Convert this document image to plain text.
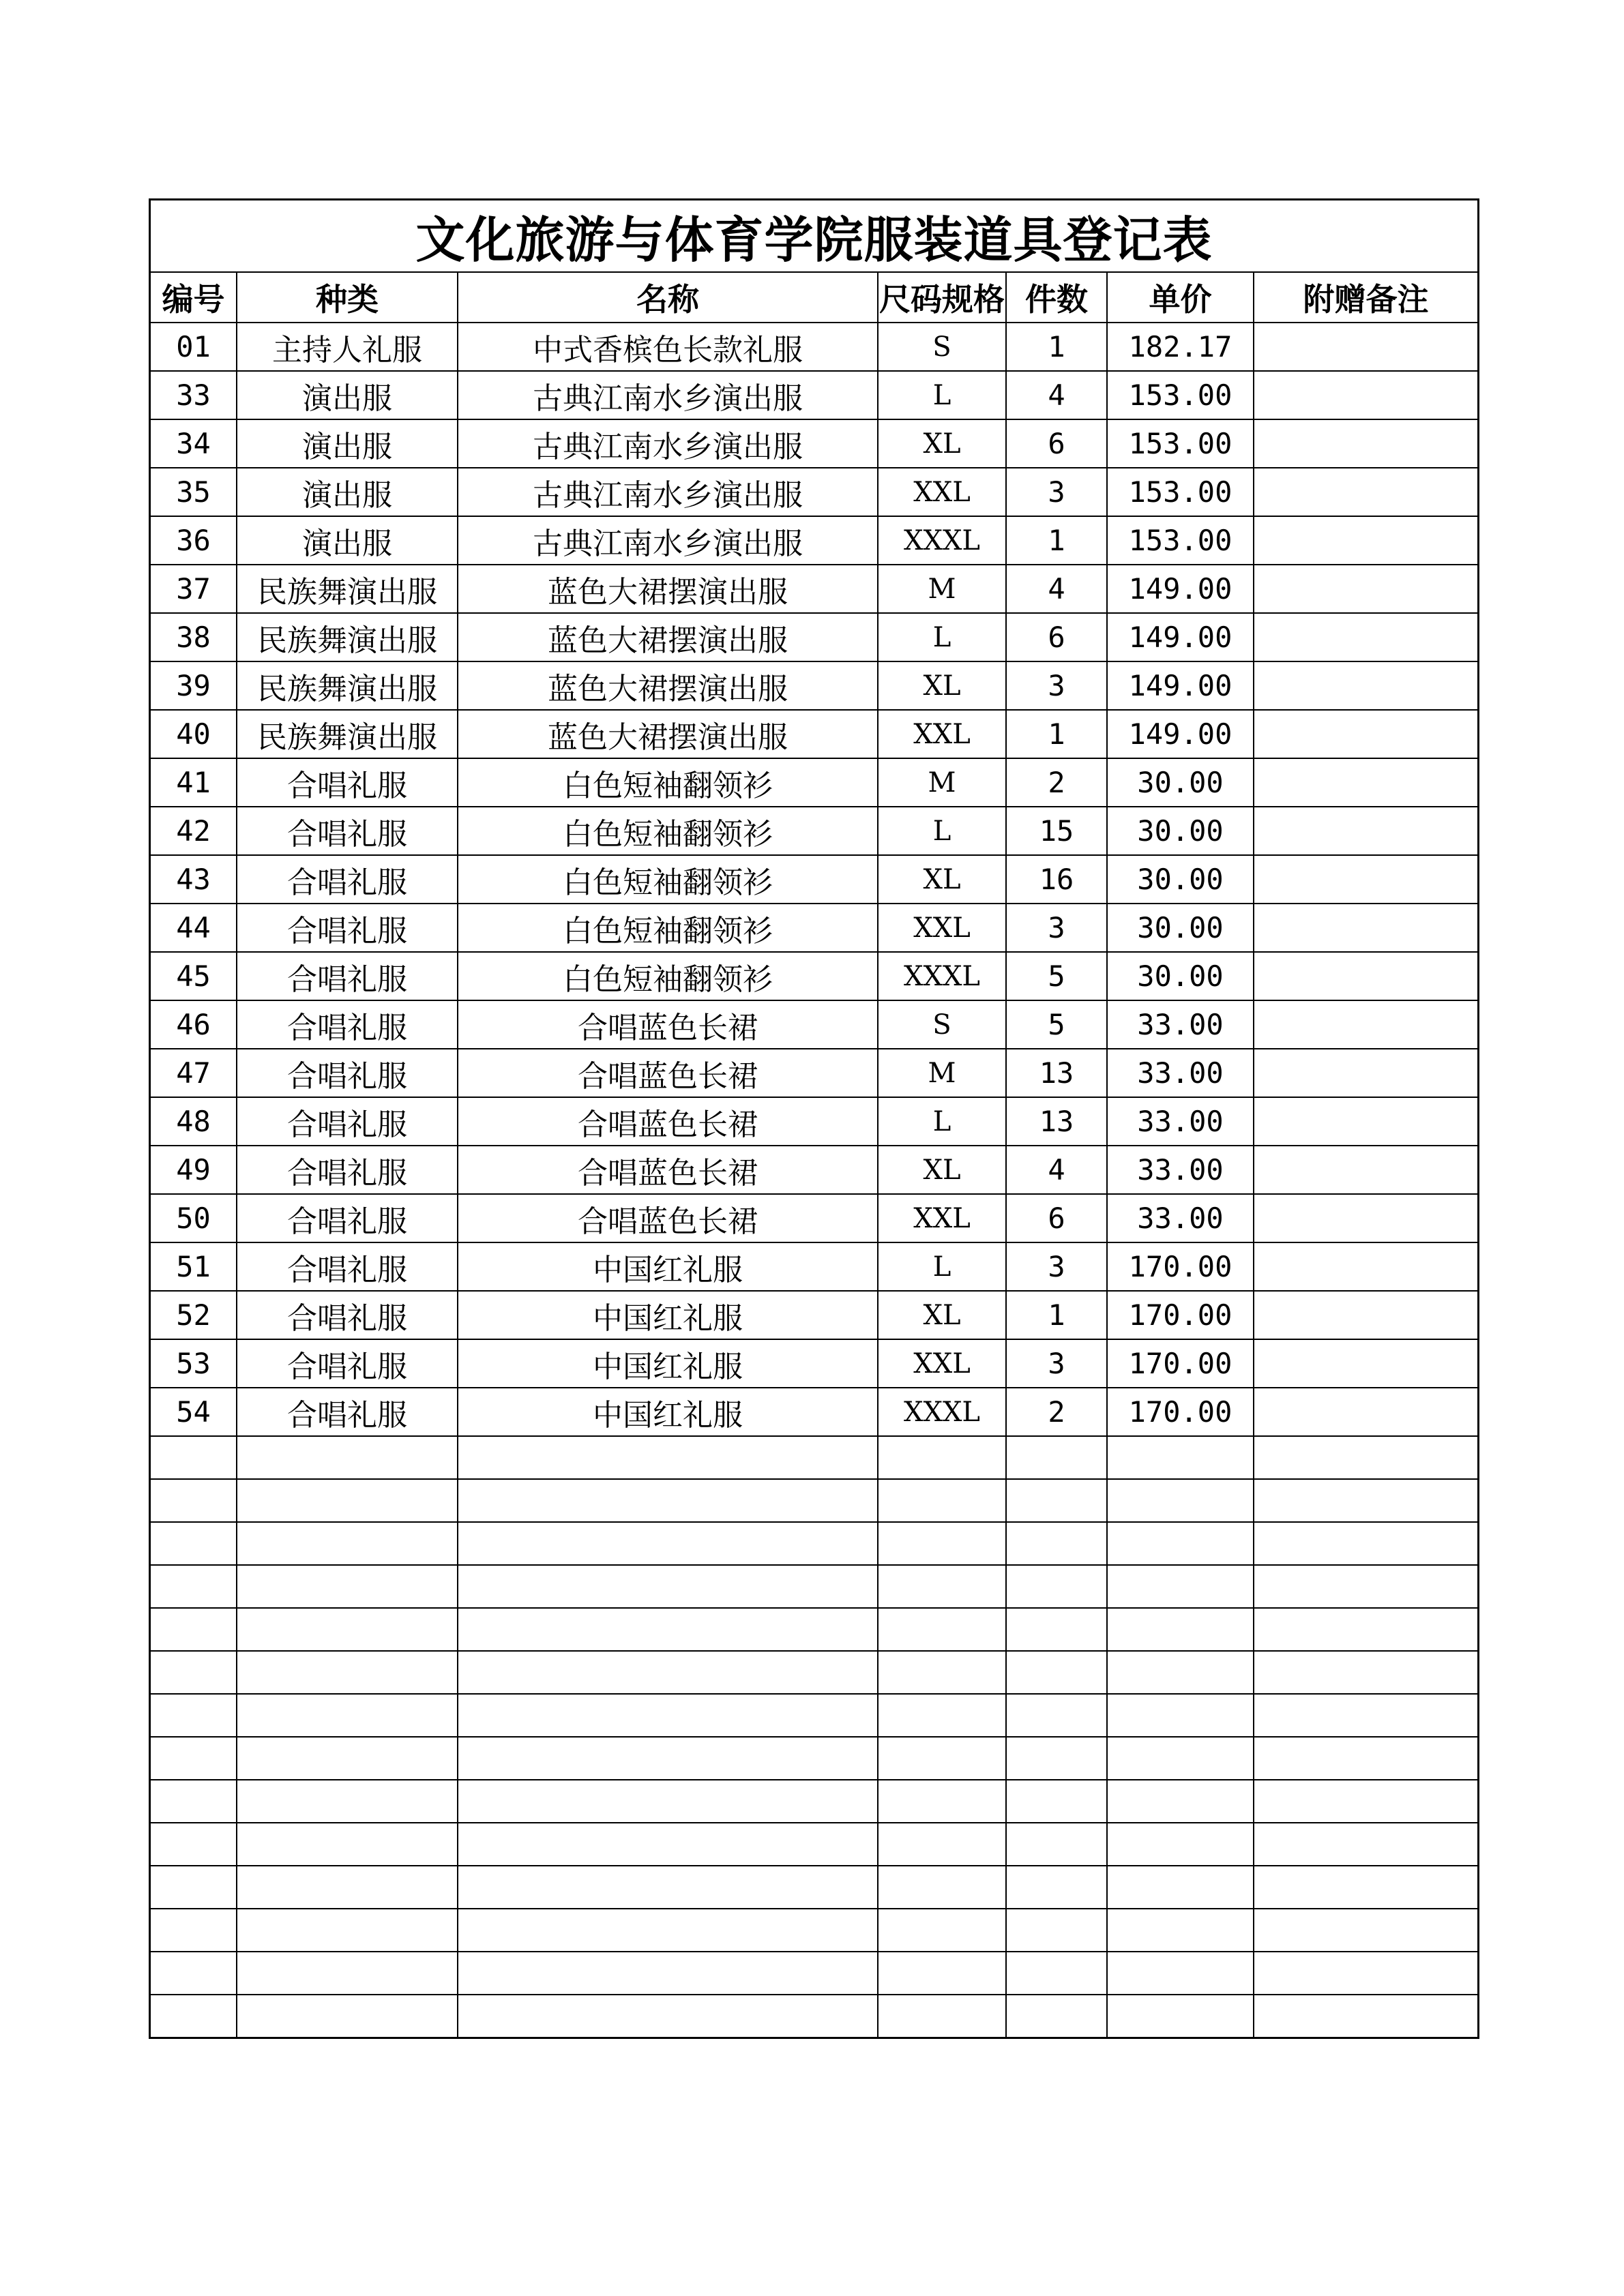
文化旅游与体育学院服装道具登记表
编号	种类	名称	尺码规格	件数	单价	附赠备注
01	主持人礼服	中式香槟色长款礼服	S	1	182.17	
33	演出服	古典江南水乡演出服	L	4	153.00	
34	演出服	古典江南水乡演出服	XL	6	153.00	
35	演出服	古典江南水乡演出服	XXL	3	153.00	
36	演出服	古典江南水乡演出服	XXXL	1	153.00	
37	民族舞演出服	蓝色大裙摆演出服	M	4	149.00	
38	民族舞演出服	蓝色大裙摆演出服	L	6	149.00	
39	民族舞演出服	蓝色大裙摆演出服	XL	3	149.00	
40	民族舞演出服	蓝色大裙摆演出服	XXL	1	149.00	
41	合唱礼服	白色短袖翻领衫	M	2	30.00	
42	合唱礼服	白色短袖翻领衫	L	15	30.00	
43	合唱礼服	白色短袖翻领衫	XL	16	30.00	
44	合唱礼服	白色短袖翻领衫	XXL	3	30.00	
45	合唱礼服	白色短袖翻领衫	XXXL	5	30.00	
46	合唱礼服	合唱蓝色长裙	S	5	33.00	
47	合唱礼服	合唱蓝色长裙	M	13	33.00	
48	合唱礼服	合唱蓝色长裙	L	13	33.00	
49	合唱礼服	合唱蓝色长裙	XL	4	33.00	
50	合唱礼服	合唱蓝色长裙	XXL	6	33.00	
51	合唱礼服	中国红礼服	L	3	170.00	
52	合唱礼服	中国红礼服	XL	1	170.00	
53	合唱礼服	中国红礼服	XXL	3	170.00	
54	合唱礼服	中国红礼服	XXXL	2	170.00	
